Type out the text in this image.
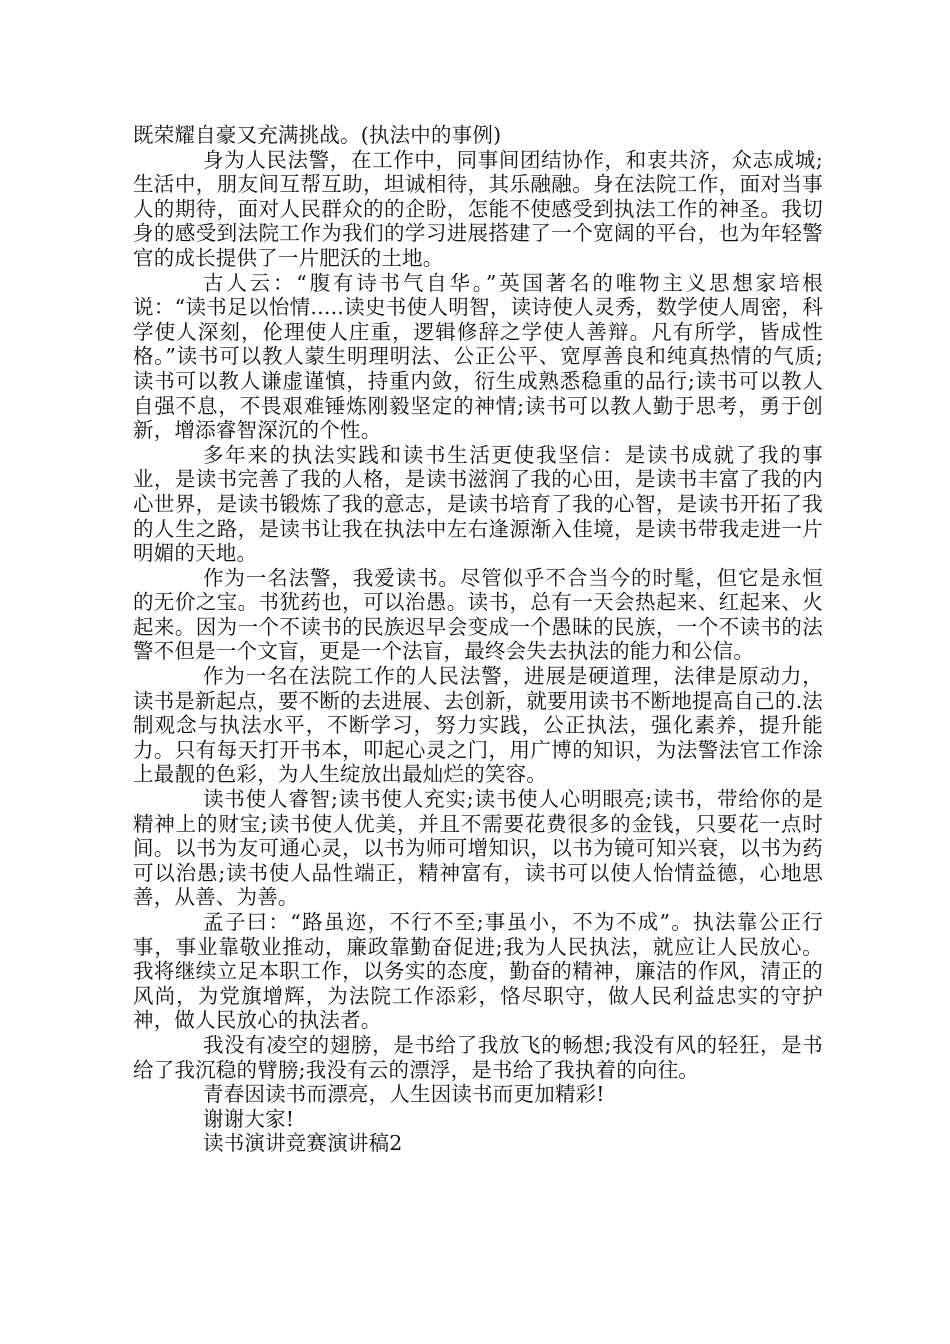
既荣耀自豪又充满挑战。(执法中的事例)

身为人民法警，在工作中，同事间团结协作，和衷共济，众志成城;生活中，朋友间互帮互助，坦诚相待，其乐融融。身在法院工作，面对当事人的期待，面对人民群众的的企盼，怎能不使感受到执法工作的神圣。我切身的感受到法院工作为我们的学习进展搭建了一个宽阔的平台，也为年轻警官的成长提供了一片肥沃的土地。

古人云：“腹有诗书气自华。”英国著名的唯物主义思想家培根说：“读书足以怡情.....读史书使人明智，读诗使人灵秀，数学使人周密，科学使人深刻，伦理使人庄重，逻辑修辞之学使人善辩。凡有所学，皆成性格。”读书可以教人蒙生明理明法、公正公平、宽厚善良和纯真热情的气质;读书可以教人谦虚谨慎，持重内敛，衍生成熟悉稳重的品行;读书可以教人自强不息，不畏艰难锤炼刚毅坚定的神情;读书可以教人勤于思考，勇于创新，增添睿智深沉的个性。

多年来的执法实践和读书生活更使我坚信：是读书成就了我的事业，是读书完善了我的人格，是读书滋润了我的心田，是读书丰富了我的内心世界，是读书锻炼了我的意志，是读书培育了我的心智，是读书开拓了我的人生之路，是读书让我在执法中左右逢源渐入佳境，是读书带我走进一片明媚的天地。

作为一名法警，我爱读书。尽管似乎不合当今的时髦，但它是永恒的无价之宝。书犹药也，可以治愚。读书，总有一天会热起来、红起来、火起来。因为一个不读书的民族迟早会变成一个愚昧的民族，一个不读书的法警不但是一个文盲，更是一个法盲，最终会失去执法的能力和公信。

作为一名在法院工作的人民法警，进展是硬道理，法律是原动力，读书是新起点，要不断的去进展、去创新，就要用读书不断地提高自己的.法制观念与执法水平，不断学习，努力实践，公正执法，强化素养，提升能力。只有每天打开书本，叩起心灵之门，用广博的知识，为法警法官工作涂上最靓的色彩，为人生绽放出最灿烂的笑容。

读书使人睿智;读书使人充实;读书使人心明眼亮;读书，带给你的是精神上的财宝;读书使人优美，并且不需要花费很多的金钱，只要花一点时间。以书为友可通心灵，以书为师可增知识，以书为镜可知兴衰，以书为药可以治愚;读书使人品性端正，精神富有，读书可以使人怡情益德，心地思善，从善、为善。

孟子曰：“路虽迩，不行不至;事虽小，不为不成”。执法靠公正行事，事业靠敬业推动，廉政靠勤奋促进;我为人民执法，就应让人民放心。我将继续立足本职工作，以务实的态度，勤奋的精神，廉洁的作风，清正的风尚，为党旗增辉，为法院工作添彩，恪尽职守，做人民利益忠实的守护神，做人民放心的执法者。

我没有凌空的翅膀，是书给了我放飞的畅想;我没有风的轻狂，是书给了我沉稳的臂膀;我没有云的漂浮，是书给了我执着的向往。

青春因读书而漂亮，人生因读书而更加精彩!

谢谢大家!

读书演讲竞赛演讲稿2
